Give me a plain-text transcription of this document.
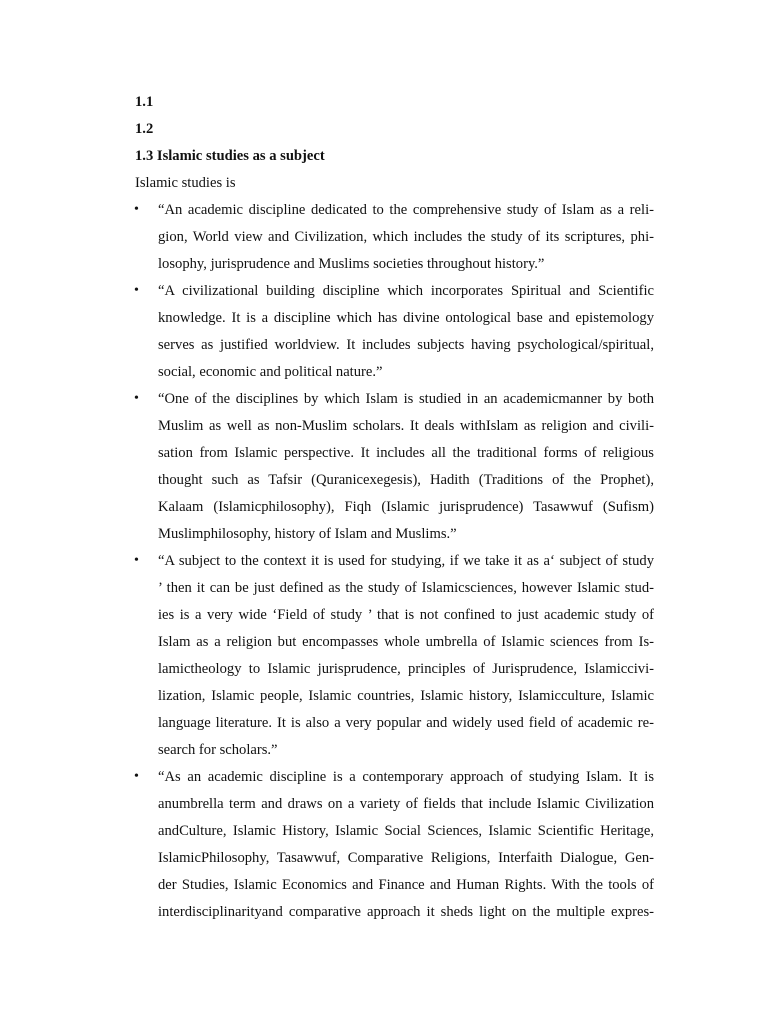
1.1
1.2
1.3 Islamic studies as a subject
Islamic studies is
•	“An academic discipline dedicated to the comprehensive study of Islam as a reli-
gion, World view and Civilization, which includes the study of its scriptures, phi-
losophy, jurisprudence and Muslims societies throughout history.”
•	“A civilizational building discipline which incorporates Spiritual and Scientific
knowledge. It is a discipline which has divine ontological base and epistemology
serves as justified worldview. It includes subjects having psychological/spiritual,
social, economic and political nature.”
•	“One of the disciplines by which Islam is studied in an academicmanner by both
Muslim as well as non-Muslim scholars. It deals withIslam as religion and civili-
sation from Islamic perspective. It includes all the traditional forms of religious
thought such as Tafsir (Quranicexegesis), Hadith (Traditions of the Prophet),
Kalaam (Islamicphilosophy), Fiqh (Islamic jurisprudence) Tasawwuf (Sufism)
Muslimphilosophy, history of Islam and Muslims.”
•	“A subject to the context it is used for studying, if we take it as a‘ subject of study
’ then it can be just defined as the study of Islamicsciences, however Islamic stud-
ies is a very wide ‘Field of study ’ that is not confined to just academic study of
Islam as a religion but encompasses whole umbrella of Islamic sciences from Is-
lamictheology to Islamic jurisprudence, principles of Jurisprudence, Islamiccivi-
lization, Islamic people, Islamic countries, Islamic history, Islamicculture, Islamic
language literature. It is also a very popular and widely used field of academic re-
search for scholars.”
•	“As an academic discipline is a contemporary approach of studying Islam. It is
anumbrella term and draws on a variety of fields that include Islamic Civilization
andCulture, Islamic History, Islamic Social Sciences, Islamic Scientific Heritage,
IslamicPhilosophy, Tasawwuf, Comparative Religions, Interfaith Dialogue, Gen-
der Studies, Islamic Economics and Finance and Human Rights. With the tools of
interdisciplinarityand comparative approach it sheds light on the multiple expres-
